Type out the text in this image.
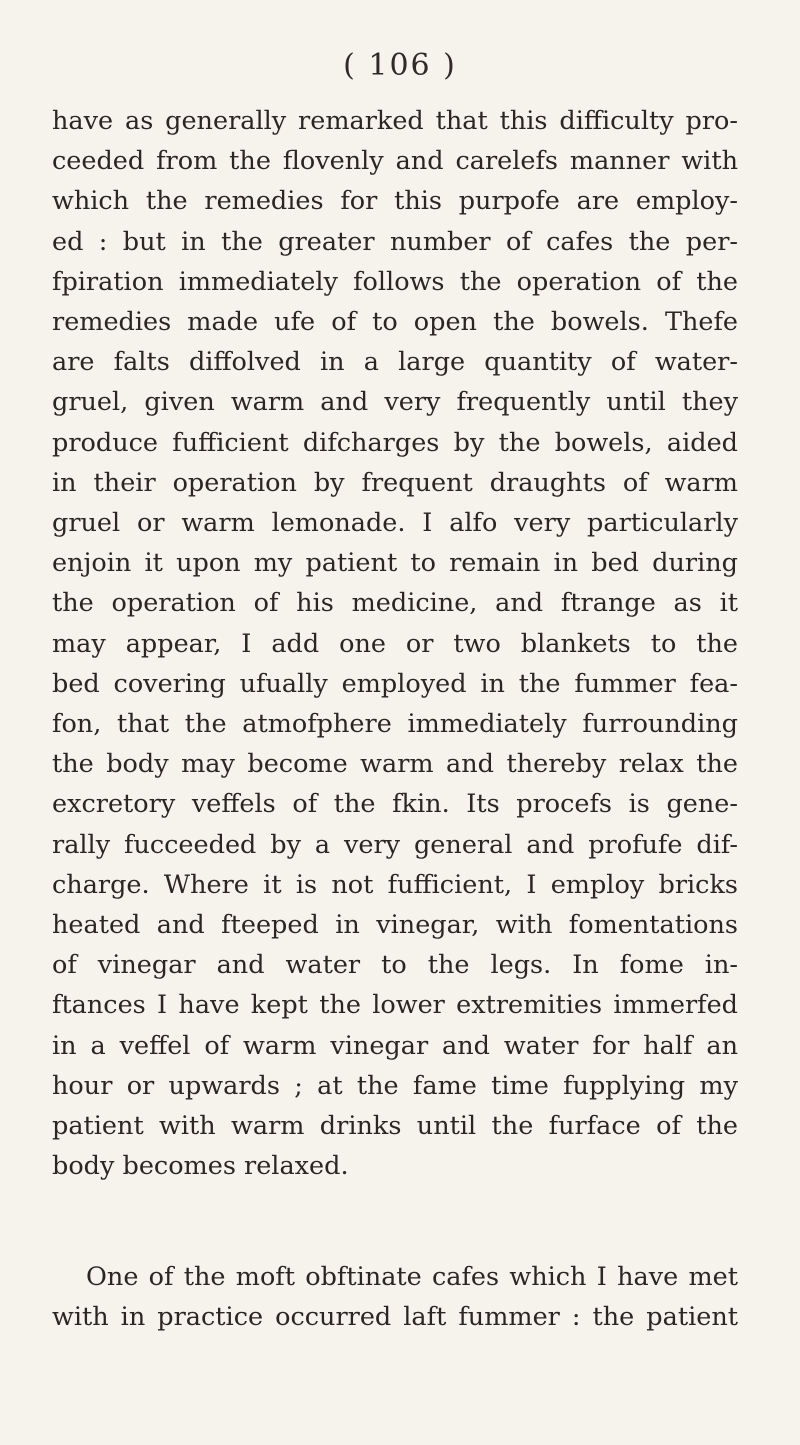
( 106 )
have as generally remarked that this difficulty pro-
ceeded from the flovenly and carelefs manner with
which the remedies for this purpofe are employ-
ed : but in the greater number of cafes the per-
fpiration immediately follows the operation of the
remedies made ufe of to open the bowels. Thefe
are falts diffolved in a large quantity of water-
gruel, given warm and very frequently until they
produce fufficient difcharges by the bowels, aided
in their operation by frequent draughts of warm
gruel or warm lemonade. I alfo very particularly
enjoin it upon my patient to remain in bed during
the operation of his medicine, and ftrange as it
may appear, I add one or two blankets to the
bed covering ufually employed in the fummer fea-
fon, that the atmofphere immediately furrounding
the body may become warm and thereby relax the
excretory veffels of the fkin. Its procefs is gene-
rally fucceeded by a very general and profufe dif-
charge. Where it is not fufficient, I employ bricks
heated and fteeped in vinegar, with fomentations
of vinegar and water to the legs. In fome in-
ftances I have kept the lower extremities immerfed
in a veffel of warm vinegar and water for half an
hour or upwards ; at the fame time fupplying my
patient with warm drinks until the furface of the
body becomes relaxed.
One of the moft obftinate cafes which I have met
with in practice occurred laft fummer : the patient
